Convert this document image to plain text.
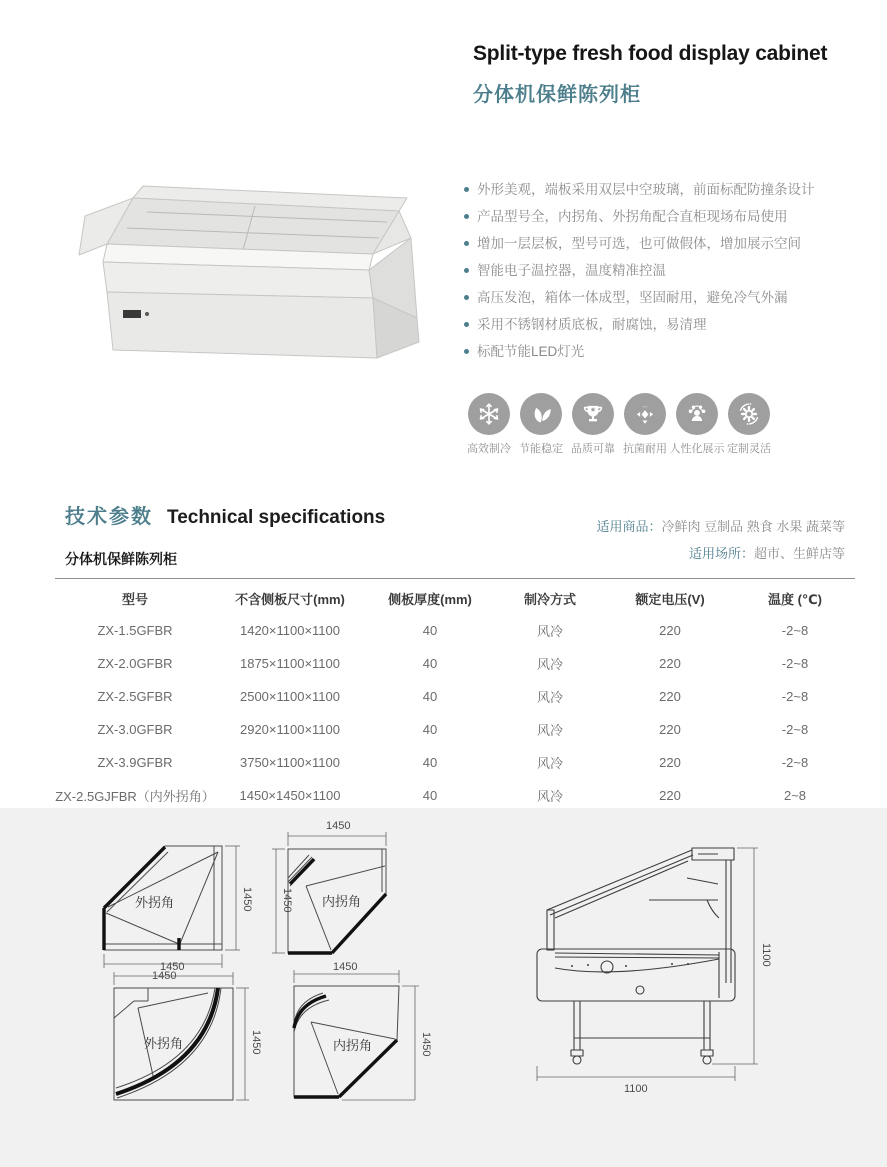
Split-type fresh food display cabinet
分体机保鲜陈列柜
外形美观，端板采用双层中空玻璃，前面标配防撞条设计
产品型号全，内拐角、外拐角配合直柜现场布局使用
增加一层层板，型号可选，也可做假体，增加展示空间
智能电子温控器，温度精准控温
高压发泡，箱体一体成型，坚固耐用，避免冷气外漏
采用不锈钢材质底板，耐腐蚀，易清理
标配节能LED灯光
高效制冷 节能稳定 品质可靠 抗菌耐用 人性化展示 定制灵活
技术参数 Technical specifications	适用商品：冷鲜肉 豆制品 熟食 水果 蔬菜等
适用场所：超市、生鲜店等
分体机保鲜陈列柜
型号	不含侧板尺寸(mm)	侧板厚度(mm)	制冷方式	额定电压(V)	温度 (℃)
ZX-1.5GFBR	1420×1100×1100	40	风冷	220	-2~8
ZX-2.0GFBR	1875×1100×1100	40	风冷	220	-2~8
ZX-2.5GFBR	2500×1100×1100	40	风冷	220	-2~8
ZX-3.0GFBR	2920×1100×1100	40	风冷	220	-2~8
ZX-3.9GFBR	3750×1100×1100	40	风冷	220	-2~8
ZX-2.5GJFBR（内外拐角）	1450×1450×1100	40	风冷	220	2~8
外拐角	1450
1450
1450
1450 内拐角
1450
1450
外拐角
1450
1450
内拐角
1100
1100
